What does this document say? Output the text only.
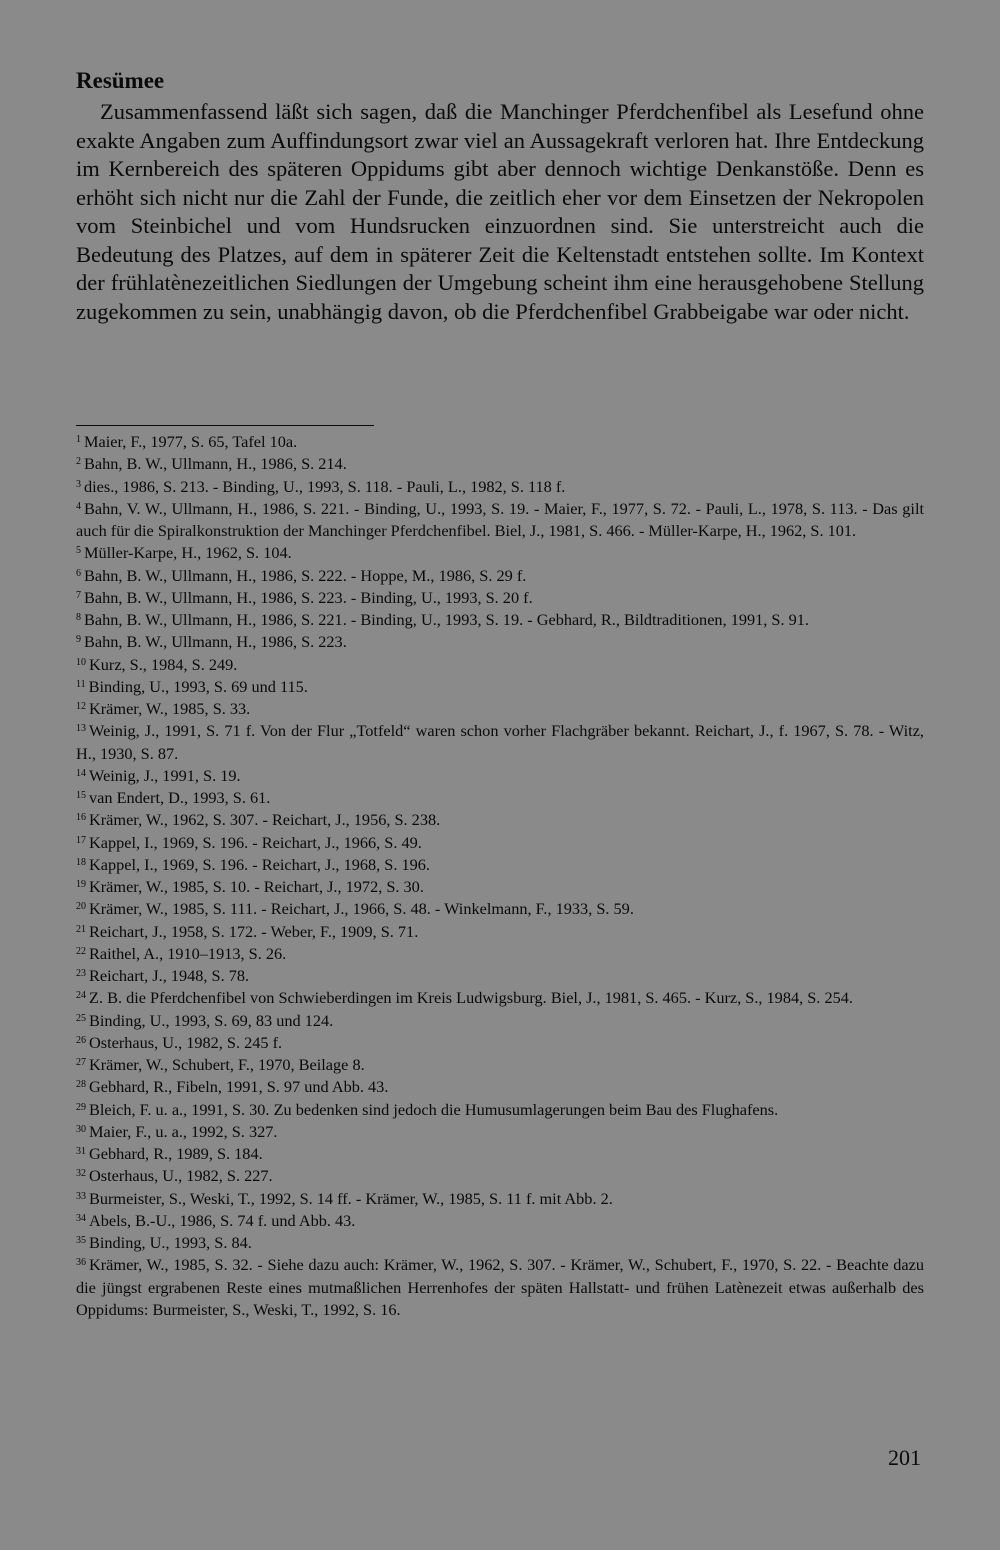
Resümee

Zusammenfassend läßt sich sagen, daß die Manchinger Pferdchenfibel als Lesefund ohne exakte Angaben zum Auffindungsort zwar viel an Aussagekraft verloren hat. Ihre Entdeckung im Kernbereich des späteren Oppidums gibt aber dennoch wichtige Denkanstöße. Denn es erhöht sich nicht nur die Zahl der Funde, die zeitlich eher vor dem Einsetzen der Nekropolen vom Steinbichel und vom Hundsrucken einzuordnen sind. Sie unterstreicht auch die Bedeutung des Platzes, auf dem in späterer Zeit die Keltenstadt entstehen sollte. Im Kontext der frühlatènezeitlichen Siedlungen der Umgebung scheint ihm eine herausgehobene Stellung zugekommen zu sein, unabhängig davon, ob die Pferdchenfibel Grabbeigabe war oder nicht.

$^1$ Maier, F., 1977, S. 65, Tafel 10a.
$^2$ Bahn, B. W., Ullmann, H., 1986, S. 214.
$^3$ dies., 1986, S. 213. - Binding, U., 1993, S. 118. - Pauli, L., 1982, S. 118 f.
$^4$ Bahn, V. W., Ullmann, H., 1986, S. 221. - Binding, U., 1993, S. 19. - Maier, F., 1977, S. 72. - Pauli, L., 1978, S. 113. - Das gilt auch für die Spiralkonstruktion der Manchinger Pferdchenfibel. Biel, J., 1981, S. 466. - Müller-Karpe, H., 1962, S. 101.
$^5$ Müller-Karpe, H., 1962, S. 104.
$^6$ Bahn, B. W., Ullmann, H., 1986, S. 222. - Hoppe, M., 1986, S. 29 f.
$^7$ Bahn, B. W., Ullmann, H., 1986, S. 223. - Binding, U., 1993, S. 20 f.
$^8$ Bahn, B. W., Ullmann, H., 1986, S. 221. - Binding, U., 1993, S. 19. - Gebhard, R., Bildtraditionen, 1991, S. 91.
$^9$ Bahn, B. W., Ullmann, H., 1986, S. 223.
$^{10}$ Kurz, S., 1984, S. 249.
$^{11}$ Binding, U., 1993, S. 69 und 115.
$^{12}$ Krämer, W., 1985, S. 33.
$^{13}$ Weinig, J., 1991, S. 71 f. Von der Flur „Totfeld“ waren schon vorher Flachgräber bekannt. Reichart, J., f. 1967, S. 78. - Witz, H., 1930, S. 87.
$^{14}$ Weinig, J., 1991, S. 19.
$^{15}$ van Endert, D., 1993, S. 61.
$^{16}$ Krämer, W., 1962, S. 307. - Reichart, J., 1956, S. 238.
$^{17}$ Kappel, I., 1969, S. 196. - Reichart, J., 1966, S. 49.
$^{18}$ Kappel, I., 1969, S. 196. - Reichart, J., 1968, S. 196.
$^{19}$ Krämer, W., 1985, S. 10. - Reichart, J., 1972, S. 30.
$^{20}$ Krämer, W., 1985, S. 111. - Reichart, J., 1966, S. 48. - Winkelmann, F., 1933, S. 59.
$^{21}$ Reichart, J., 1958, S. 172. - Weber, F., 1909, S. 71.
$^{22}$ Raithel, A., 1910–1913, S. 26.
$^{23}$ Reichart, J., 1948, S. 78.
$^{24}$ Z. B. die Pferdchenfibel von Schwieberdingen im Kreis Ludwigsburg. Biel, J., 1981, S. 465. - Kurz, S., 1984, S. 254.
$^{25}$ Binding, U., 1993, S. 69, 83 und 124.
$^{26}$ Osterhaus, U., 1982, S. 245 f.
$^{27}$ Krämer, W., Schubert, F., 1970, Beilage 8.
$^{28}$ Gebhard, R., Fibeln, 1991, S. 97 und Abb. 43.
$^{29}$ Bleich, F. u. a., 1991, S. 30. Zu bedenken sind jedoch die Humusumlagerungen beim Bau des Flughafens.
$^{30}$ Maier, F., u. a., 1992, S. 327.
$^{31}$ Gebhard, R., 1989, S. 184.
$^{32}$ Osterhaus, U., 1982, S. 227.
$^{33}$ Burmeister, S., Weski, T., 1992, S. 14 ff. - Krämer, W., 1985, S. 11 f. mit Abb. 2.
$^{34}$ Abels, B.-U., 1986, S. 74 f. und Abb. 43.
$^{35}$ Binding, U., 1993, S. 84.
$^{36}$ Krämer, W., 1985, S. 32. - Siehe dazu auch: Krämer, W., 1962, S. 307. - Krämer, W., Schubert, F., 1970, S. 22. - Beachte dazu die jüngst ergrabenen Reste eines mutmaßlichen Herrenhofes der späten Hallstatt- und frühen Latènezeit etwas außerhalb des Oppidums: Burmeister, S., Weski, T., 1992, S. 16.
201
